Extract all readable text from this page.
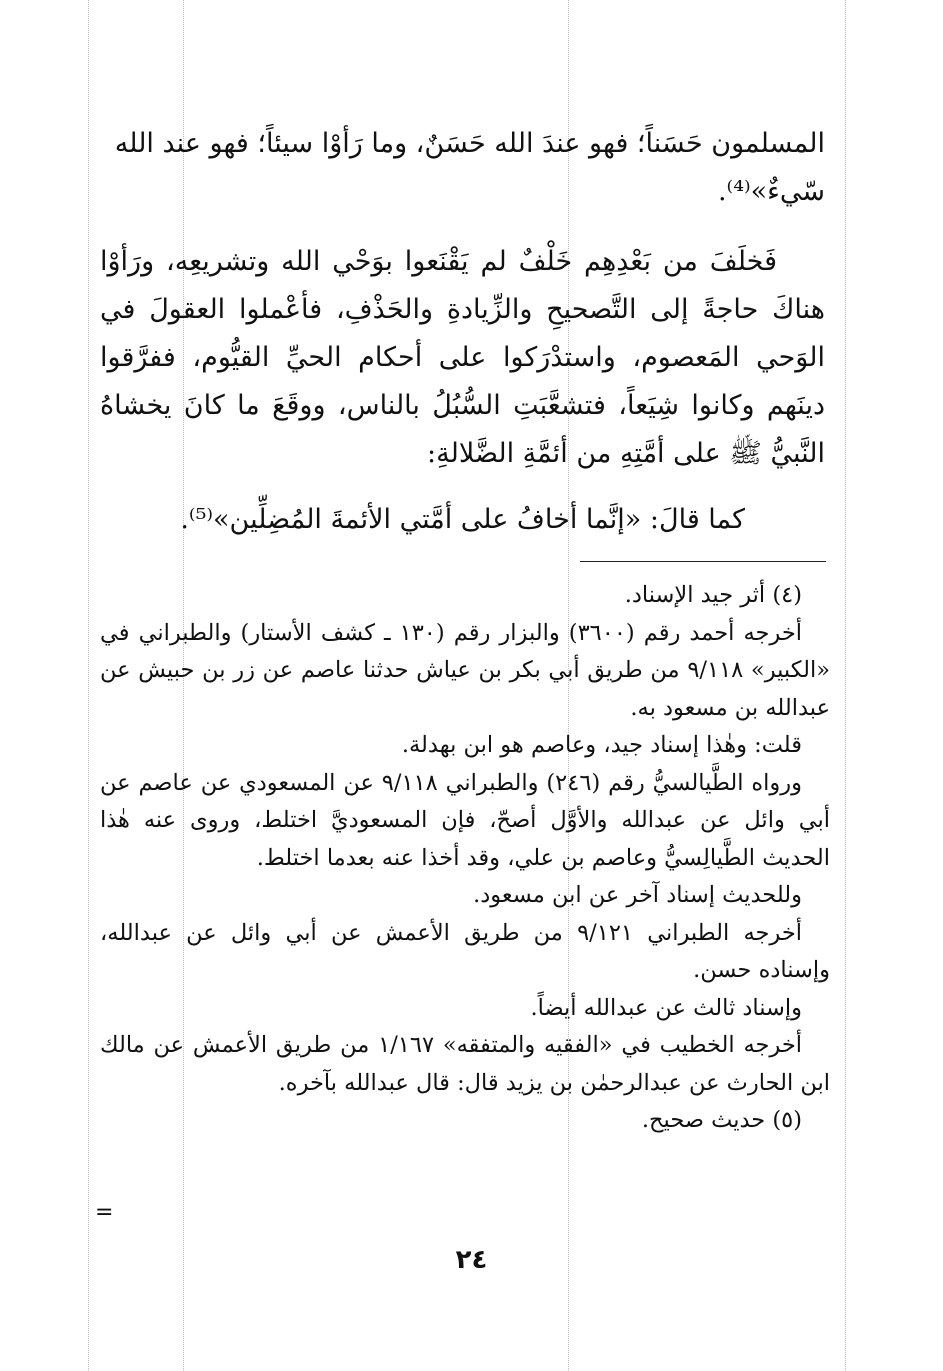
المسلمون حَسَناً؛ فهو عندَ الله حَسَنٌ، وما رَأوْا سيئاً؛ فهو عند الله

سّيءٌ»⁽⁴⁾.

فَخلَفَ من بَعْدِهِم خَلْفٌ لم يَقْنَعوا بوَحْي الله وتشريعِه، ورَأوْا هناكَ حاجةً إلى التَّصحيحِ والزِّيادةِ والحَذْفِ، فأعْملوا العقولَ في الوَحي المَعصوم، واستدْرَكوا على أحكام الحيِّ القيُّوم، ففرَّقوا دينَهم وكانوا شِيَعاً، فتشعَّبَتِ السُّبُلُ بالناس، ووقَعَ ما كانَ يخشاهُ النَّبيُّ ﷺ على أمَّتِهِ من أئمَّةِ الضَّلالةِ:

كما قالَ: «إنَّما أخافُ على أمَّتي الأئمةَ المُضِلِّين»⁽⁵⁾.

(٤) أثر جيد الإسناد.

أخرجه أحمد رقم (٣٦٠٠) والبزار رقم (١٣٠ ـ كشف الأستار) والطبراني في «الكبير» ٩/١١٨ من طريق أبي بكر بن عياش حدثنا عاصم عن زر بن حبيش عن عبدالله بن مسعود به.

قلت: وهٰذا إسناد جيد، وعاصم هو ابن بهدلة.

ورواه الطَّيالسيُّ رقم (٢٤٦) والطبراني ٩/١١٨ عن المسعودي عن عاصم عن أبي وائل عن عبدالله والأوَّل أصحّ، فإن المسعوديَّ اختلط، وروى عنه هٰذا الحديث الطَّيالِسيُّ وعاصم بن علي، وقد أخذا عنه بعدما اختلط.

وللحديث إسناد آخر عن ابن مسعود.

أخرجه الطبراني ٩/١٢١ من طريق الأعمش عن أبي وائل عن عبدالله، وإسناده حسن.

وإسناد ثالث عن عبدالله أيضاً.

أخرجه الخطيب في «الفقيه والمتفقه» ١/١٦٧ من طريق الأعمش عن مالك ابن الحارث عن عبدالرحمٰن بن يزيد قال: قال عبدالله بآخره.

(٥) حديث صحيح.

=
٢٤
